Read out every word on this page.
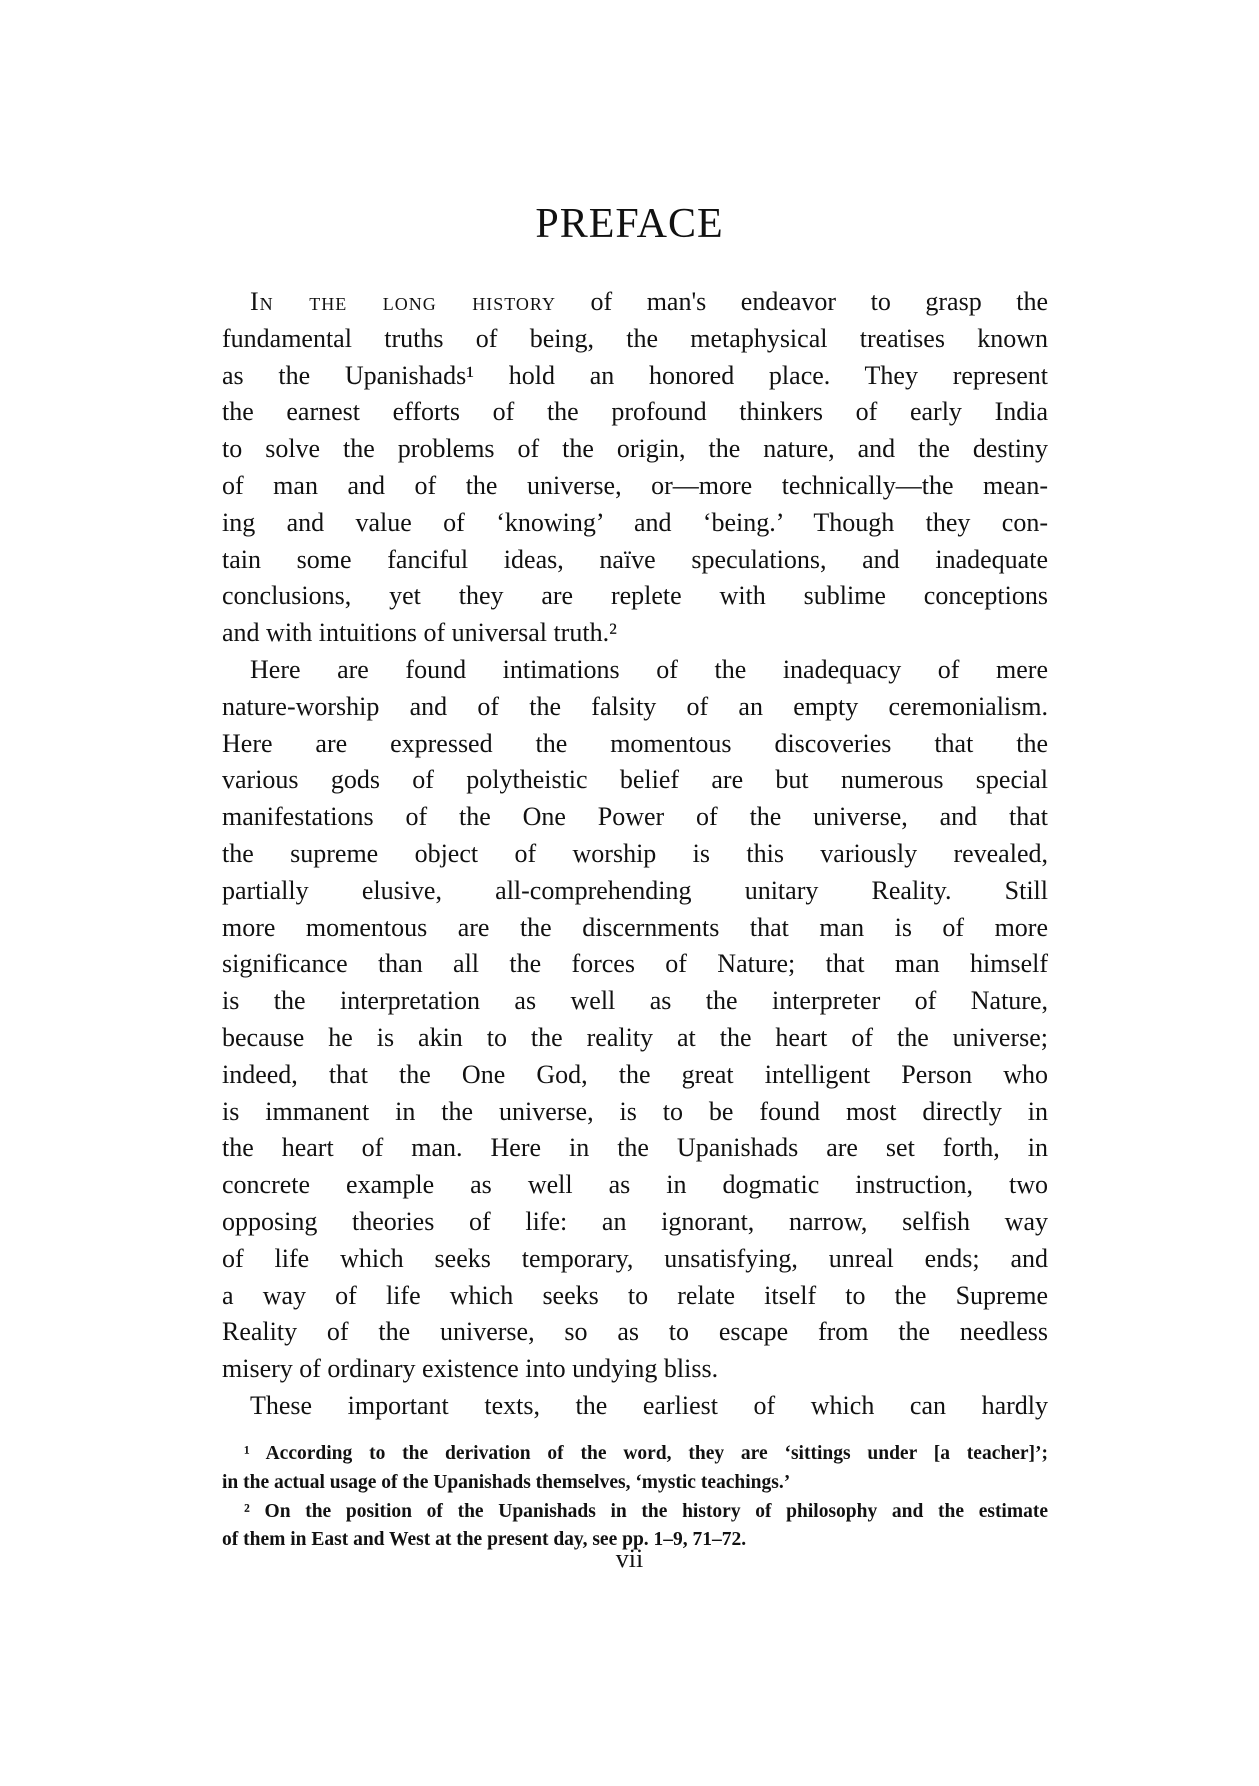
PREFACE
In the long history of man's endeavor to grasp the
fundamental truths of being, the metaphysical treatises known
as the Upanishads¹ hold an honored place. They represent
the earnest efforts of the profound thinkers of early India
to solve the problems of the origin, the nature, and the destiny
of man and of the universe, or—more technically—the mean-
ing and value of ‘knowing’ and ‘being.’ Though they con-
tain some fanciful ideas, naïve speculations, and inadequate
conclusions, yet they are replete with sublime conceptions
and with intuitions of universal truth.²
Here are found intimations of the inadequacy of mere
nature-worship and of the falsity of an empty ceremonialism.
Here are expressed the momentous discoveries that the
various gods of polytheistic belief are but numerous special
manifestations of the One Power of the universe, and that
the supreme object of worship is this variously revealed,
partially elusive, all-comprehending unitary Reality. Still
more momentous are the discernments that man is of more
significance than all the forces of Nature; that man himself
is the interpretation as well as the interpreter of Nature,
because he is akin to the reality at the heart of the universe;
indeed, that the One God, the great intelligent Person who
is immanent in the universe, is to be found most directly in
the heart of man. Here in the Upanishads are set forth, in
concrete example as well as in dogmatic instruction, two
opposing theories of life: an ignorant, narrow, selfish way
of life which seeks temporary, unsatisfying, unreal ends; and
a way of life which seeks to relate itself to the Supreme
Reality of the universe, so as to escape from the needless
misery of ordinary existence into undying bliss.
These important texts, the earliest of which can hardly
¹ According to the derivation of the word, they are ‘sittings under [a teacher]’;
in the actual usage of the Upanishads themselves, ‘mystic teachings.’
² On the position of the Upanishads in the history of philosophy and the estimate
of them in East and West at the present day, see pp. 1–9, 71–72.
vii
